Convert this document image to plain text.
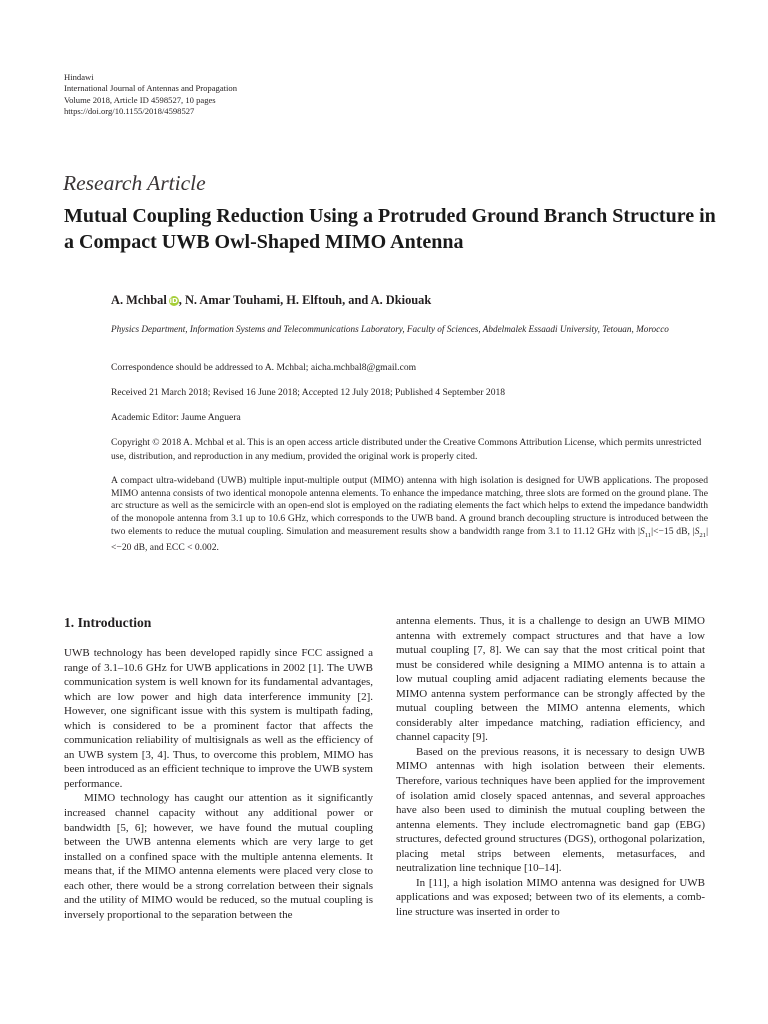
Hindawi
International Journal of Antennas and Propagation
Volume 2018, Article ID 4598527, 10 pages
https://doi.org/10.1155/2018/4598527
Research Article
Mutual Coupling Reduction Using a Protruded Ground Branch Structure in a Compact UWB Owl-Shaped MIMO Antenna
A. Mchbal iD, N. Amar Touhami, H. Elftouh, and A. Dkiouak
Physics Department, Information Systems and Telecommunications Laboratory, Faculty of Sciences, Abdelmalek Essaadi University, Tetouan, Morocco
Correspondence should be addressed to A. Mchbal; aicha.mchbal8@gmail.com
Received 21 March 2018; Revised 16 June 2018; Accepted 12 July 2018; Published 4 September 2018
Academic Editor: Jaume Anguera
Copyright © 2018 A. Mchbal et al. This is an open access article distributed under the Creative Commons Attribution License, which permits unrestricted use, distribution, and reproduction in any medium, provided the original work is properly cited.
A compact ultra-wideband (UWB) multiple input-multiple output (MIMO) antenna with high isolation is designed for UWB applications. The proposed MIMO antenna consists of two identical monopole antenna elements. To enhance the impedance matching, three slots are formed on the ground plane. The arc structure as well as the semicircle with an open-end slot is employed on the radiating elements the fact which helps to extend the impedance bandwidth of the monopole antenna from 3.1 up to 10.6 GHz, which corresponds to the UWB band. A ground branch decoupling structure is introduced between the two elements to reduce the mutual coupling. Simulation and measurement results show a bandwidth range from 3.1 to 11.12 GHz with $|S_{11}|<-15$ dB, $|S_{21}|<-20$ dB, and ECC < 0.002.
1. Introduction

UWB technology has been developed rapidly since FCC assigned a range of 3.1–10.6 GHz for UWB applications in 2002 [1]. The UWB communication system is well known for its fundamental advantages, which are low power and high data interference immunity [2]. However, one significant issue with this system is multipath fading, which is considered to be a prominent factor that affects the communication reliability of multisignals as well as the efficiency of an UWB system [3, 4]. Thus, to overcome this problem, MIMO has been introduced as an efficient technique to improve the UWB system performance.

MIMO technology has caught our attention as it significantly increased channel capacity without any additional power or bandwidth [5, 6]; however, we have found the mutual coupling between the UWB antenna elements which are very large to get installed on a confined space with the multiple antenna elements. It means that, if the MIMO antenna elements were placed very close to each other, there would be a strong correlation between their signals and the utility of MIMO would be reduced, so the mutual coupling is inversely proportional to the separation between the

antenna elements. Thus, it is a challenge to design an UWB MIMO antenna with extremely compact structures and that have a low mutual coupling [7, 8]. We can say that the most critical point that must be considered while designing a MIMO antenna is to attain a low mutual coupling amid adjacent radiating elements because the MIMO antenna system performance can be strongly affected by the mutual coupling between the MIMO antenna elements, which considerably alter impedance matching, radiation efficiency, and channel capacity [9].

Based on the previous reasons, it is necessary to design UWB MIMO antennas with high isolation between their elements. Therefore, various techniques have been applied for the improvement of isolation amid closely spaced antennas, and several approaches have also been used to diminish the mutual coupling between the antenna elements. They include electromagnetic band gap (EBG) structures, defected ground structures (DGS), orthogonal polarization, placing metal strips between elements, metasurfaces, and neutralization line technique [10–14].

In [11], a high isolation MIMO antenna was designed for UWB applications and was exposed; between two of its elements, a comb-line structure was inserted in order to
